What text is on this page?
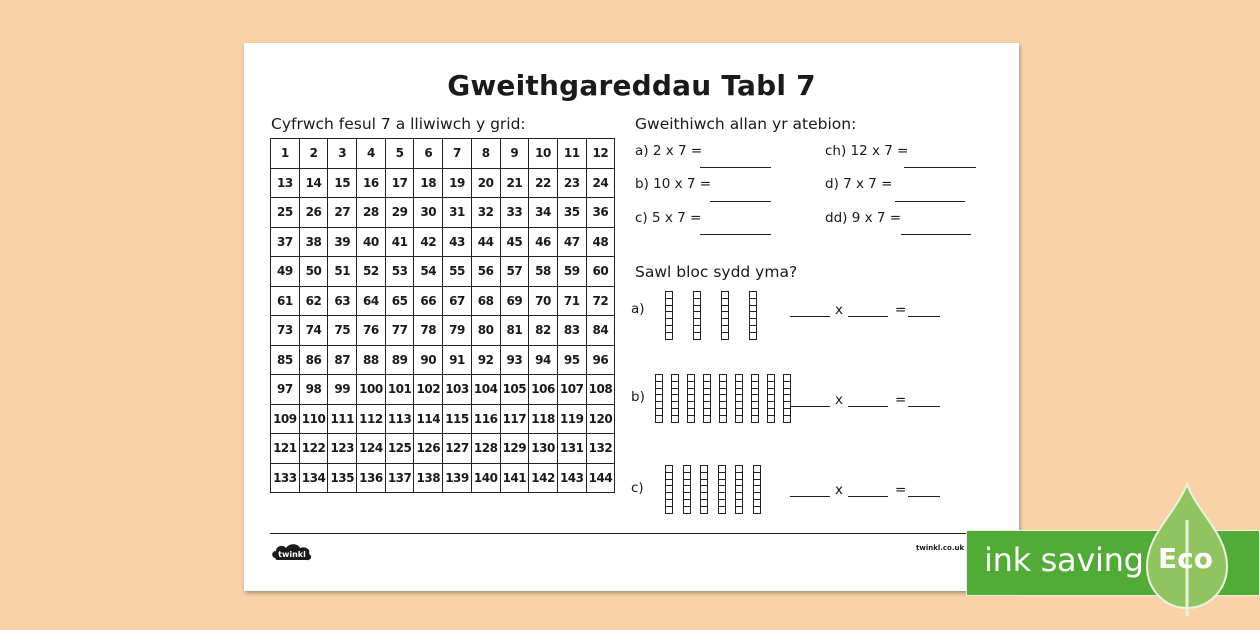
Gweithgareddau Tabl 7
Cyfrwch fesul 7 a lliwiwch y grid:
1	2	3	4	5	6	7	8	9	10	11	12
13	14	15	16	17	18	19	20	21	22	23	24
25	26	27	28	29	30	31	32	33	34	35	36
37	38	39	40	41	42	43	44	45	46	47	48
49	50	51	52	53	54	55	56	57	58	59	60
61	62	63	64	65	66	67	68	69	70	71	72
73	74	75	76	77	78	79	80	81	82	83	84
85	86	87	88	89	90	91	92	93	94	95	96
97	98	99	100	101	102	103	104	105	106	107	108
109	110	111	112	113	114	115	116	117	118	119	120
121	122	123	124	125	126	127	128	129	130	131	132
133	134	135	136	137	138	139	140	141	142	143	144
Gweithiwch allan yr atebion:
a) 2 x 7 =
b) 10 x 7 =
c) 5 x 7 =
ch) 12 x 7 =
d) 7 x 7 =
dd) 9 x 7 =
Sawl bloc sydd yma?
a)	x	=
b)	x	=
c)	x	=
twinkl
twinkl.co.uk ink saving Eco
